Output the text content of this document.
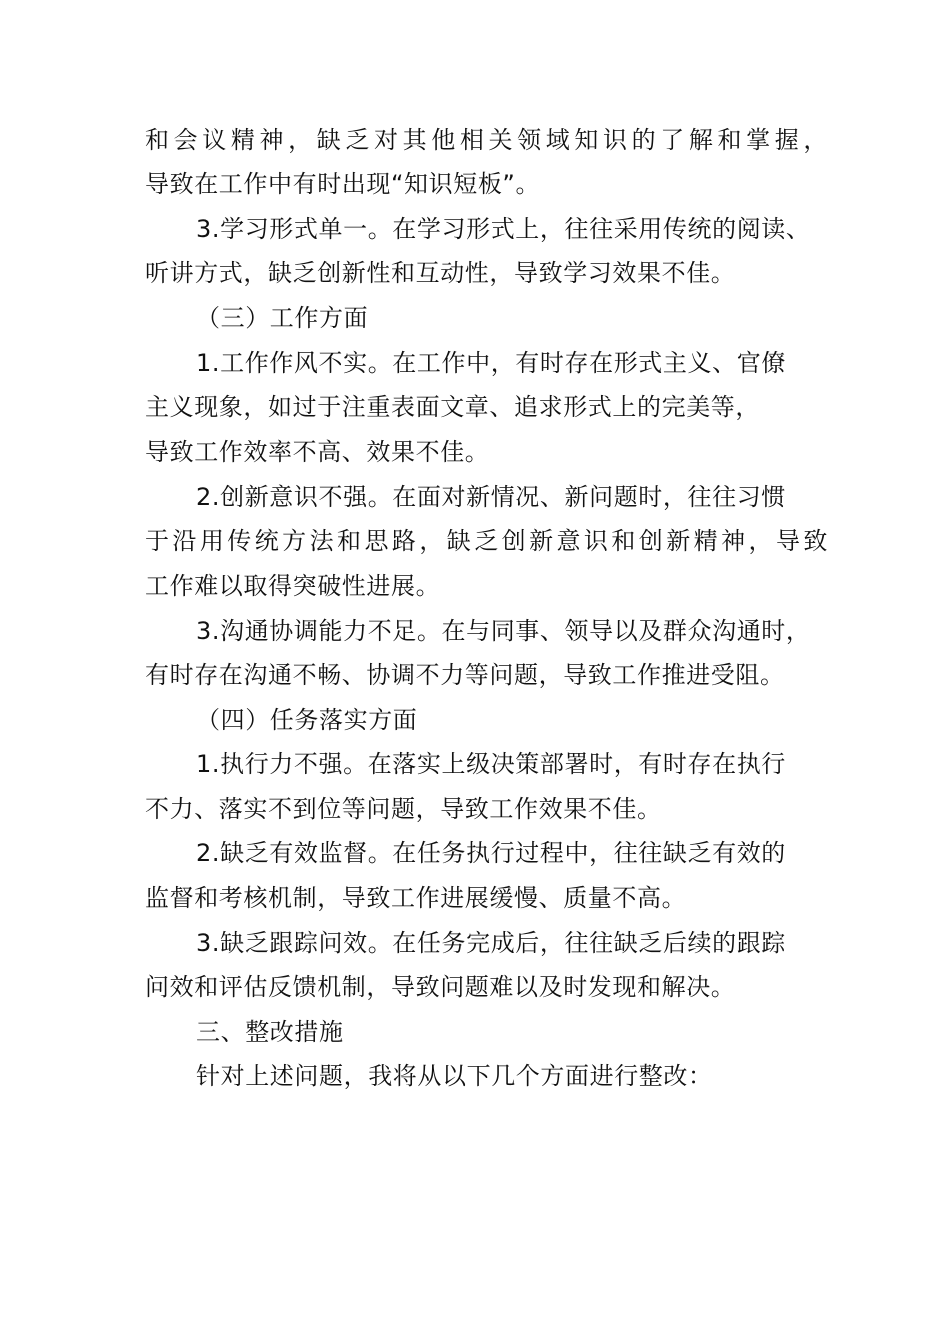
和会议精神，缺乏对其他相关领域知识的了解和掌握，
导致在工作中有时出现“知识短板”。
3.学习形式单一。在学习形式上，往往采用传统的阅读、
听讲方式，缺乏创新性和互动性，导致学习效果不佳。
（三）工作方面
1.工作作风不实。在工作中，有时存在形式主义、官僚
主义现象，如过于注重表面文章、追求形式上的完美等，
导致工作效率不高、效果不佳。
2.创新意识不强。在面对新情况、新问题时，往往习惯
于沿用传统方法和思路，缺乏创新意识和创新精神，导致
工作难以取得突破性进展。
3.沟通协调能力不足。在与同事、领导以及群众沟通时，
有时存在沟通不畅、协调不力等问题，导致工作推进受阻。
（四）任务落实方面
1.执行力不强。在落实上级决策部署时，有时存在执行
不力、落实不到位等问题，导致工作效果不佳。
2.缺乏有效监督。在任务执行过程中，往往缺乏有效的
监督和考核机制，导致工作进展缓慢、质量不高。
3.缺乏跟踪问效。在任务完成后，往往缺乏后续的跟踪
问效和评估反馈机制，导致问题难以及时发现和解决。
三、整改措施
针对上述问题，我将从以下几个方面进行整改：
